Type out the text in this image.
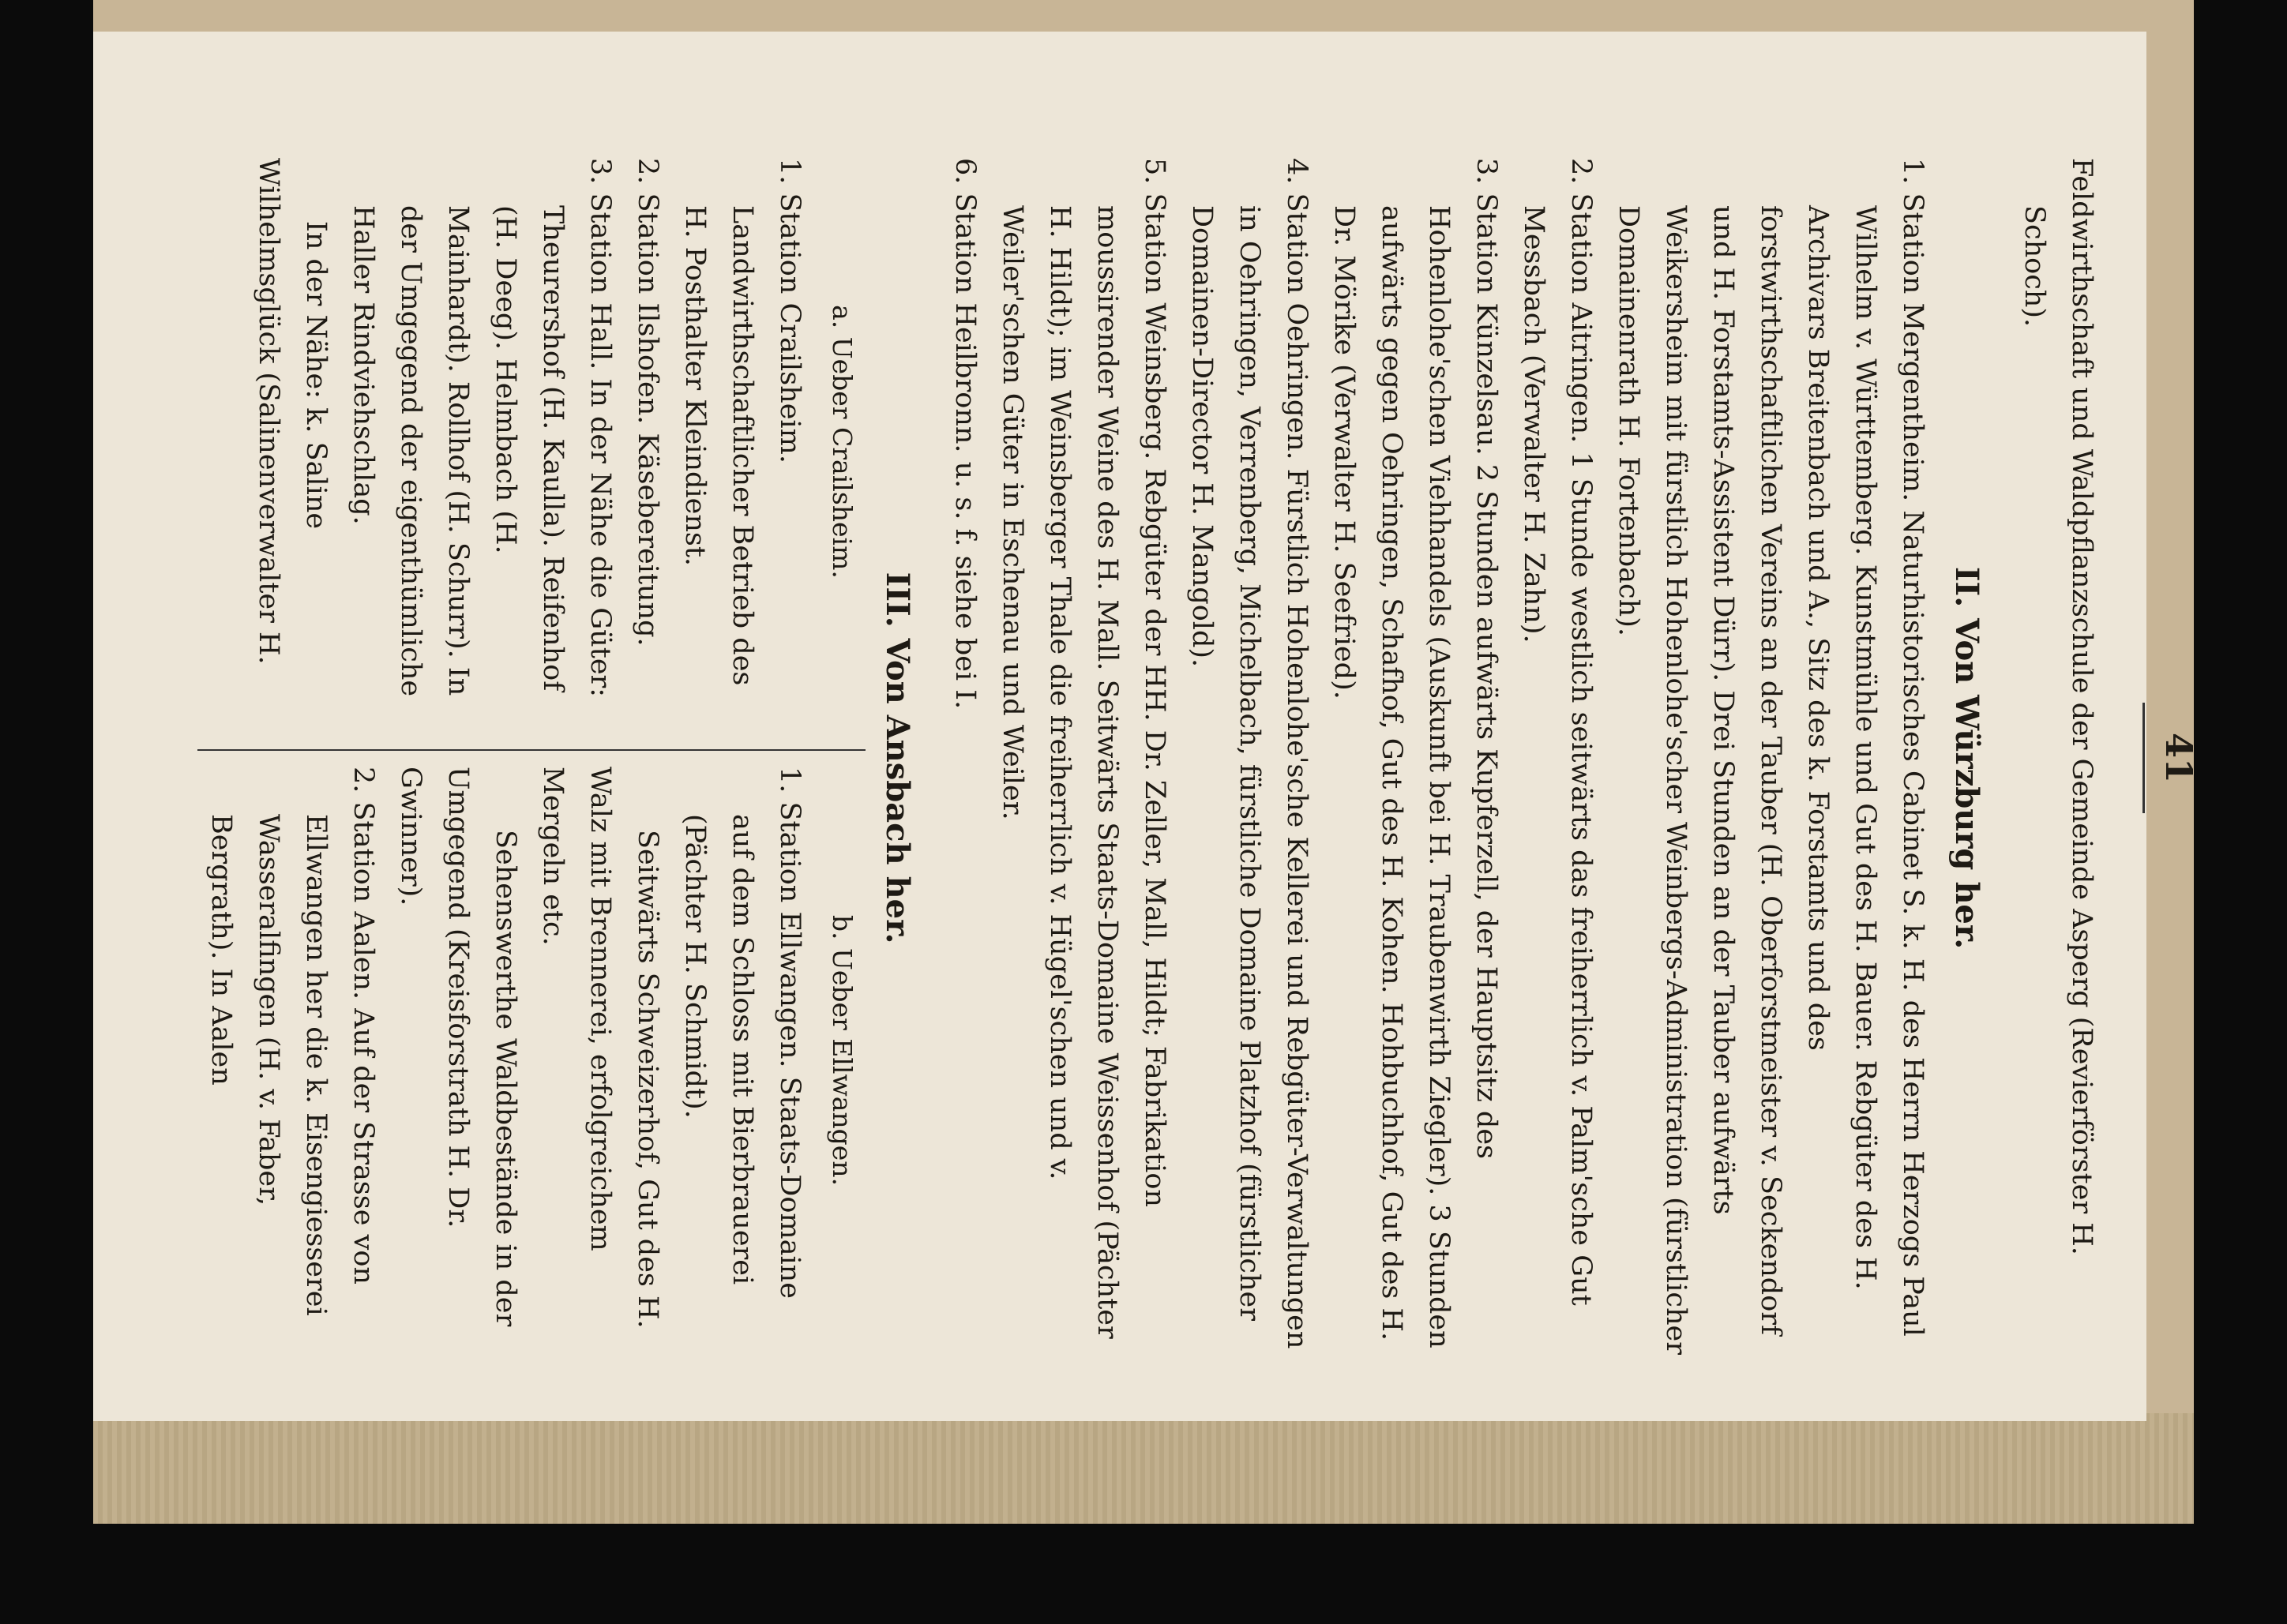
41

Feldwirthschaft und Waldpflanzschule der Gemeinde Asperg (Revierförster H. Schoch).

II. Von Würzburg her.

1. Station Mergentheim. Naturhistorisches Cabinet S. k. H. des Herrn Herzogs Paul Wilhelm v. Württemberg. Kunstmühle und Gut des H. Bauer. Rebgüter des H. Archivars Breitenbach und A., Sitz des k. Forstamts und des forstwirthschaftlichen Vereins an der Tauber (H. Oberforstmeister v. Seckendorf und H. Forstamts-Assistent Dürr). Drei Stunden an der Tauber aufwärts Weikersheim mit fürstlich Hohenlohe'scher Weinbergs-Administration (fürstlicher Domainenrath H. Fortenbach).

2. Station Aitringen. 1 Stunde westlich seitwärts das freiherrlich v. Palm'sche Gut Messbach (Verwalter H. Zahn).

3. Station Künzelsau. 2 Stunden aufwärts Kupferzell, der Hauptsitz des Hohenlohe'schen Viehhandels (Auskunft bei H. Traubenwirth Ziegler). 3 Stunden aufwärts gegen Oehringen, Schafhof, Gut des H. Kohen. Hohbuchhof, Gut des H. Dr. Mörike (Verwalter H. Seefried).

4. Station Oehringen. Fürstlich Hohenlohe'sche Kellerei und Rebgüter-Verwaltungen in Oehringen, Verrenberg, Michelbach, fürstliche Domaine Platzhof (fürstlicher Domainen-Director H. Mangold).

5. Station Weinsberg. Rebgüter der HH. Dr. Zeller, Mall, Hildt; Fabrikation moussirender Weine des H. Mall. Seitwärts Staats-Domaine Weissenhof (Pächter H. Hildt); im Weinsberger Thale die freiherrlich v. Hügel'schen und v. Weiler'schen Güter in Eschenau und Weiler.

6. Station Heilbronn. u. s. f. siehe bei I.

III. Von Ansbach her.
a. Ueber Crailsheim.

1. Station Crailsheim. Landwirthschaftlicher Betrieb des H. Posthalter Kleindienst.

2. Station Ilshofen. Käsebereitung.

3. Station Hall. In der Nähe die Güter: Theurershof (H. Kaulla). Reifenhof (H. Deeg). Helmbach (H. Mainhardt). Rollhof (H. Schurr). In der Umgegend der eigenthümliche Haller Rindviehschlag.

In der Nähe: k. Saline Wilhelmsglück (Salinenverwalter H.

b. Ueber Ellwangen.

1. Station Ellwangen. Staats-Domaine auf dem Schloss mit Bierbrauerei (Pächter H. Schmidt).

Seitwärts Schweizerhof, Gut des H. Walz mit Brennerei, erfolgreichem Mergeln etc.

Sehenswerthe Waldbestände in der Umgegend (Kreisforstrath H. Dr. Gwinner).

2. Station Aalen. Auf der Strasse von Ellwangen her die k. Eisengiesserei Wasseralfingen (H. v. Faber, Bergrath). In Aalen
